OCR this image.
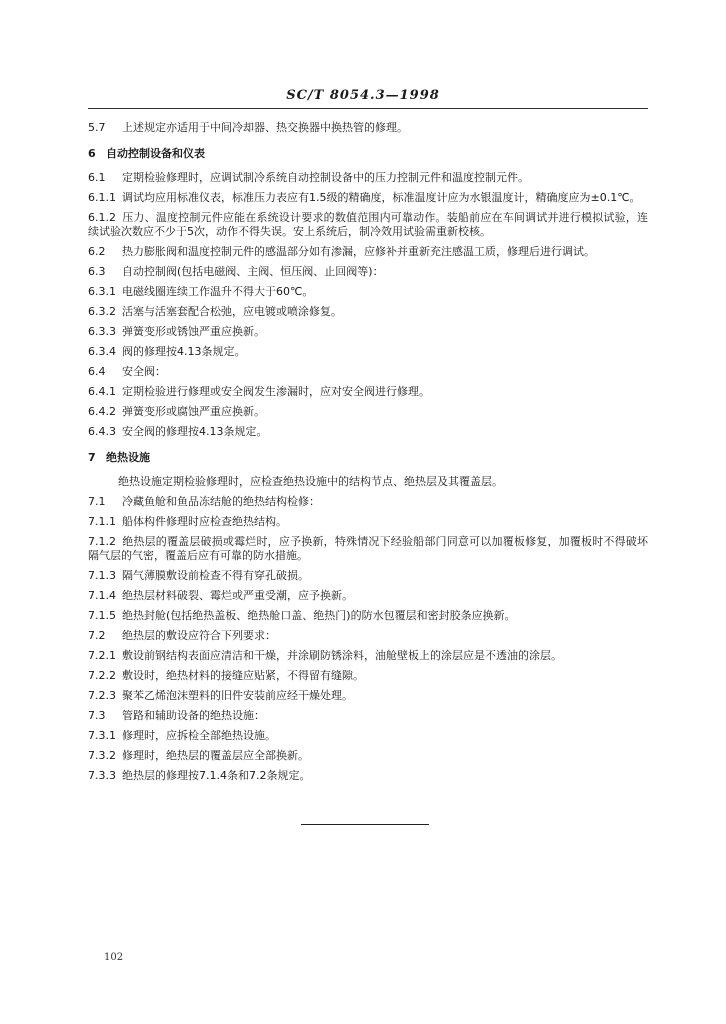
SC/T 8054.3—1998
5.7 上述规定亦适用于中间冷却器、热交换器中换热管的修理。
6 自动控制设备和仪表
6.1 定期检验修理时，应调试制冷系统自动控制设备中的压力控制元件和温度控制元件。
6.1.1 调试均应用标准仪表，标准压力表应有1.5级的精确度，标准温度计应为水银温度计，精确度应为±0.1℃。
6.1.2 压力、温度控制元件应能在系统设计要求的数值范围内可靠动作。装船前应在车间调试并进行模拟试验，连续试验次数应不少于5次，动作不得失误。安上系统后，制冷效用试验需重新校核。
6.2 热力膨胀阀和温度控制元件的感温部分如有渗漏，应修补并重新充注感温工质，修理后进行调试。
6.3 自动控制阀(包括电磁阀、主阀、恒压阀、止回阀等)：
6.3.1 电磁线圈连续工作温升不得大于60℃。
6.3.2 活塞与活塞套配合松弛，应电镀或喷涂修复。
6.3.3 弹簧变形或锈蚀严重应换新。
6.3.4 阀的修理按4.13条规定。
6.4 安全阀：
6.4.1 定期检验进行修理或安全阀发生渗漏时，应对安全阀进行修理。
6.4.2 弹簧变形或腐蚀严重应换新。
6.4.3 安全阀的修理按4.13条规定。
7 绝热设施
绝热设施定期检验修理时，应检查绝热设施中的结构节点、绝热层及其覆盖层。
7.1 冷藏鱼舱和鱼品冻结舱的绝热结构检修：
7.1.1 船体构件修理时应检查绝热结构。
7.1.2 绝热层的覆盖层破损或霉烂时，应予换新，特殊情况下经验船部门同意可以加覆板修复，加覆板时不得破坏隔气层的气密，覆盖后应有可靠的防水措施。
7.1.3 隔气薄膜敷设前检查不得有穿孔破损。
7.1.4 绝热层材料破裂、霉烂或严重受潮，应予换新。
7.1.5 绝热封舱(包括绝热盖板、绝热舱口盖、绝热门)的防水包覆层和密封胶条应换新。
7.2 绝热层的敷设应符合下列要求：
7.2.1 敷设前钢结构表面应清洁和干燥，并涂刷防锈涂料，油舱壁板上的涂层应是不透油的涂层。
7.2.2 敷设时，绝热材料的接缝应贴紧，不得留有缝隙。
7.2.3 聚苯乙烯泡沫塑料的旧件安装前应经干燥处理。
7.3 管路和辅助设备的绝热设施：
7.3.1 修理时，应拆检全部绝热设施。
7.3.2 修理时，绝热层的覆盖层应全部换新。
7.3.3 绝热层的修理按7.1.4条和7.2条规定。
102
